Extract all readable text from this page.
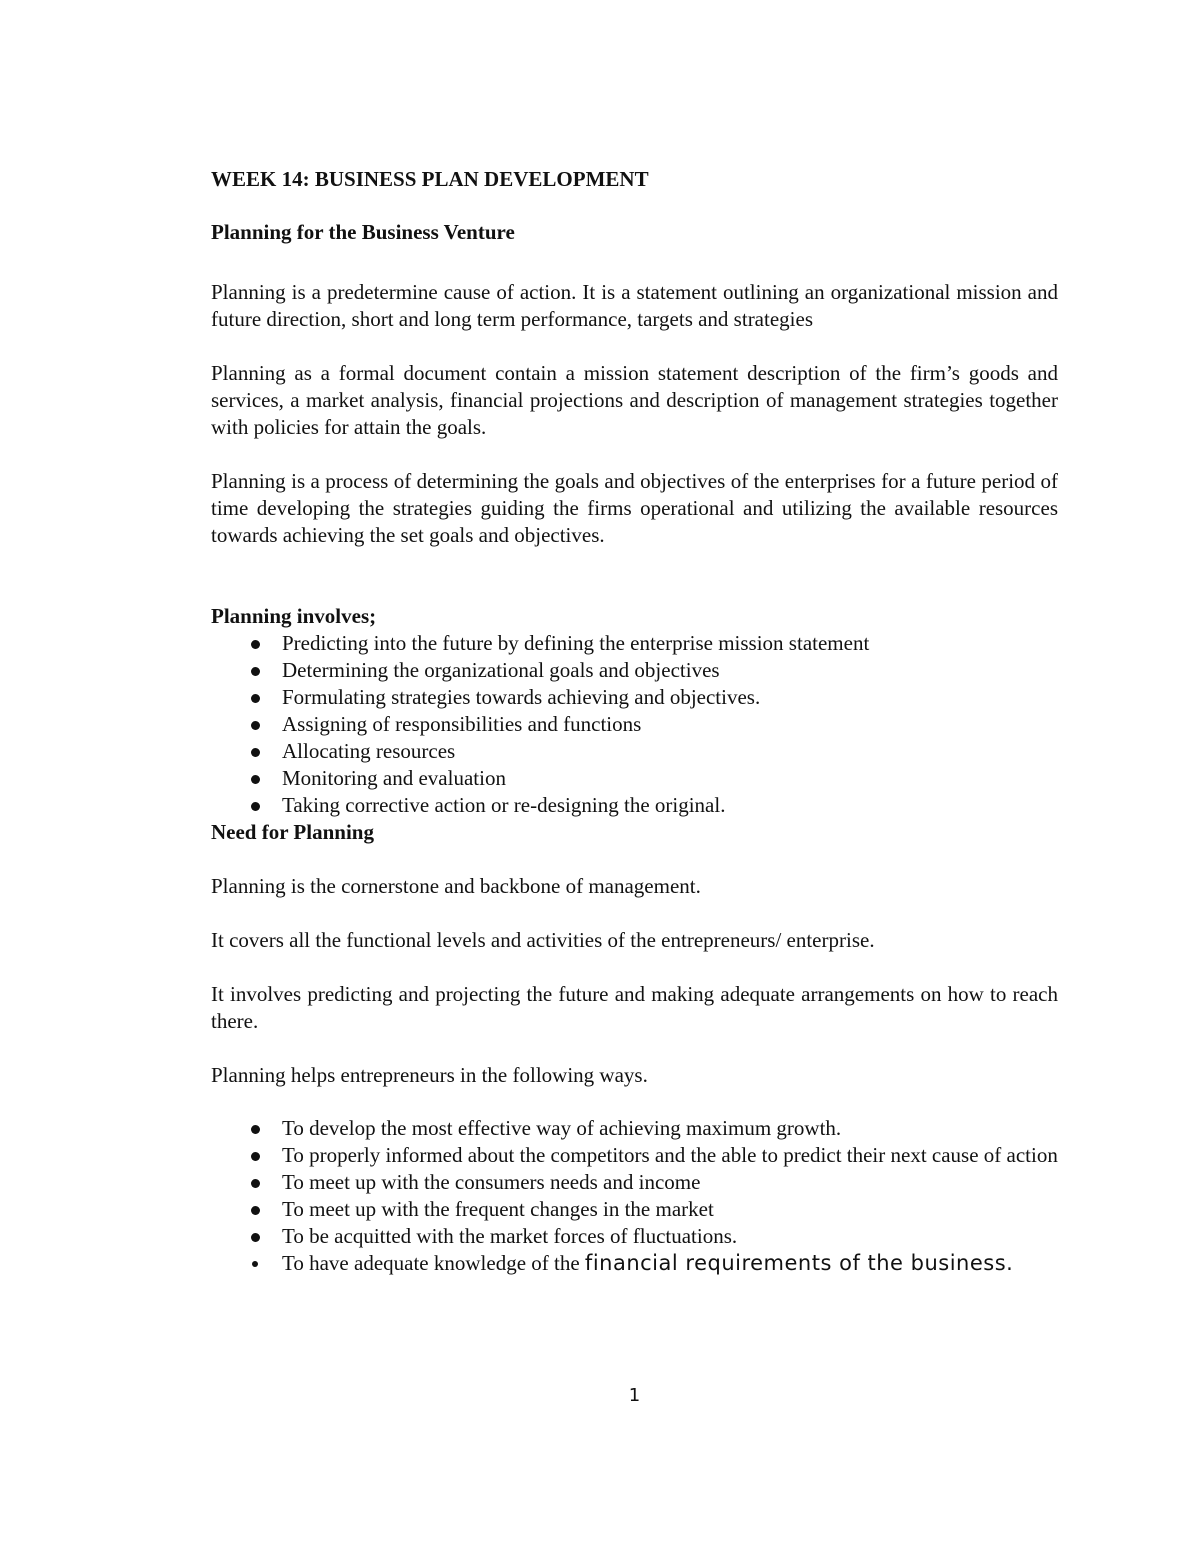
WEEK 14: BUSINESS PLAN DEVELOPMENT
Planning for the Business Venture

Planning is a predetermine cause of action. It is a statement outlining an organizational mission and future direction, short and long term performance, targets and strategies

Planning as a formal document contain a mission statement description of the firm’s goods and services, a market analysis, financial projections and description of management strategies together with policies for attain the goals.

Planning is a process of determining the goals and objectives of the enterprises for a future period of time developing the strategies guiding the firms operational and utilizing the available resources towards achieving the set goals and objectives.

Planning involves;
Predicting into the future by defining the enterprise mission statement
Determining the organizational goals and objectives
Formulating strategies towards achieving and objectives.
Assigning of responsibilities and functions
Allocating resources
Monitoring and evaluation
Taking corrective action or re-designing the original.
Need for Planning

Planning is the cornerstone and backbone of management.

It covers all the functional levels and activities of the entrepreneurs/ enterprise.

It involves predicting and projecting the future and making adequate arrangements on how to reach there.

Planning helps entrepreneurs in the following ways.

To develop the most effective way of achieving maximum growth.
To properly informed about the competitors and the able to predict their next cause of action
To meet up with the consumers needs and income
To meet up with the frequent changes in the market
To be acquitted with the market forces of fluctuations.
To have adequate knowledge of the financial requirements of the business.
1
